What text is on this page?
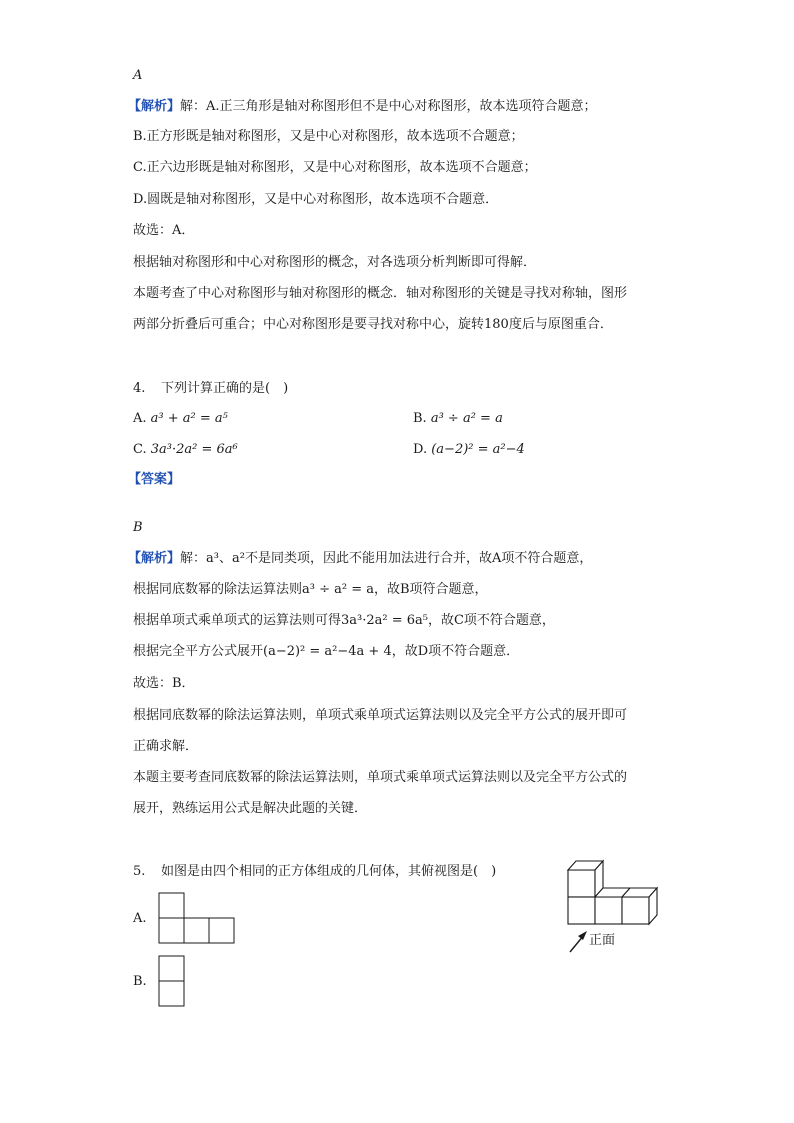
A
【解析】解：A.正三角形是轴对称图形但不是中心对称图形，故本选项符合题意；
B.正方形既是轴对称图形，又是中心对称图形，故本选项不合题意；
C.正六边形既是轴对称图形，又是中心对称图形，故本选项不合题意；
D.圆既是轴对称图形，又是中心对称图形，故本选项不合题意．
故选：A．
根据轴对称图形和中心对称图形的概念，对各选项分析判断即可得解．
本题考查了中心对称图形与轴对称图形的概念．轴对称图形的关键是寻找对称轴，图形
两部分折叠后可重合；中心对称图形是要寻找对称中心，旋转180度后与原图重合．
4. 下列计算正确的是(　)
A. a³ + a² = a⁵	B. a³ ÷ a² = a
C. 3a³·2a² = 6a⁶	D. (a−2)² = a²−4
【答案】
B
【解析】解：a³、a²不是同类项，因此不能用加法进行合并，故A项不符合题意，
根据同底数幂的除法运算法则a³ ÷ a² = a，故B项符合题意，
根据单项式乘单项式的运算法则可得3a³·2a² = 6a⁵，故C项不符合题意，
根据完全平方公式展开(a−2)² = a²−4a + 4，故D项不符合题意．
故选：B．
根据同底数幂的除法运算法则，单项式乘单项式运算法则以及完全平方公式的展开即可
正确求解．
本题主要考查同底数幂的除法运算法则，单项式乘单项式运算法则以及完全平方公式的
展开，熟练运用公式是解决此题的关键．
5. 如图是由四个相同的正方体组成的几何体，其俯视图是(　)
正面
A.
B.
